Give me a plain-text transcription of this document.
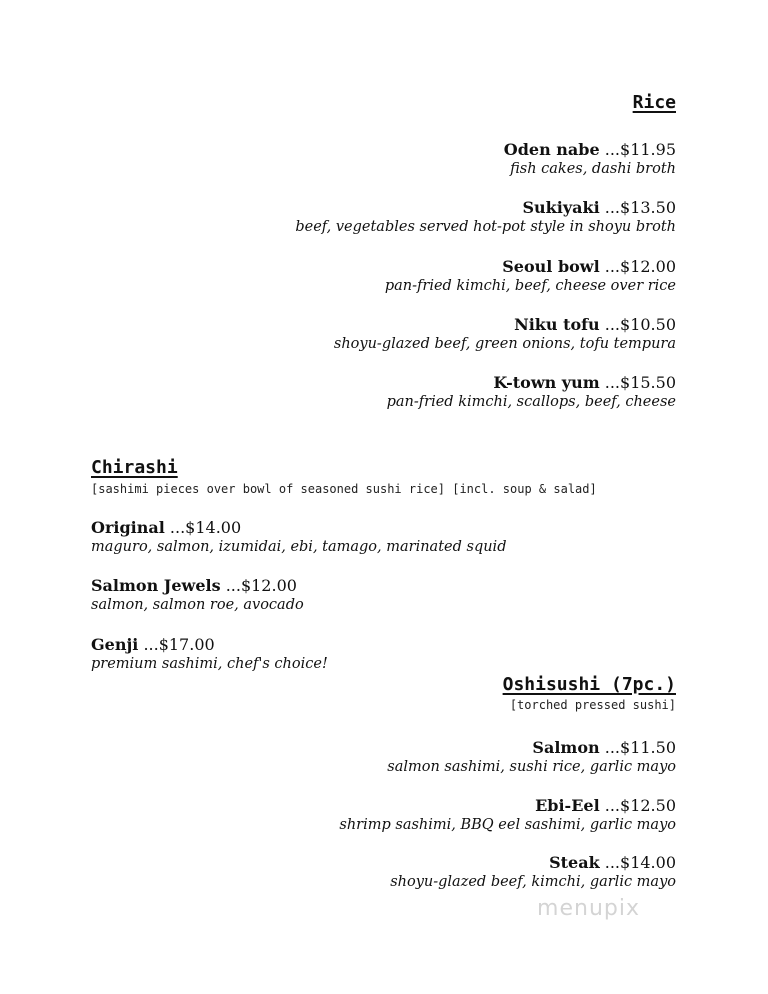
Rice
Oden nabe ...$11.95
fish cakes, dashi broth
Sukiyaki ...$13.50
beef, vegetables served hot-pot style in shoyu broth
Seoul bowl ...$12.00
pan-fried kimchi, beef, cheese over rice
Niku tofu ...$10.50
shoyu-glazed beef, green onions, tofu tempura
K-town yum ...$15.50
pan-fried kimchi, scallops, beef, cheese
Chirashi
[sashimi pieces over bowl of seasoned sushi rice] [incl. soup & salad]
Original ...$14.00
maguro, salmon, izumidai, ebi, tamago, marinated squid
Salmon Jewels ...$12.00
salmon, salmon roe, avocado
Genji ...$17.00
premium sashimi, chef's choice!
Oshisushi (7pc.)
[torched pressed sushi]
Salmon ...$11.50
salmon sashimi, sushi rice, garlic mayo
Ebi-Eel ...$12.50
shrimp sashimi, BBQ eel sashimi, garlic mayo
Steak ...$14.00
shoyu-glazed beef, kimchi, garlic mayo
menupix
